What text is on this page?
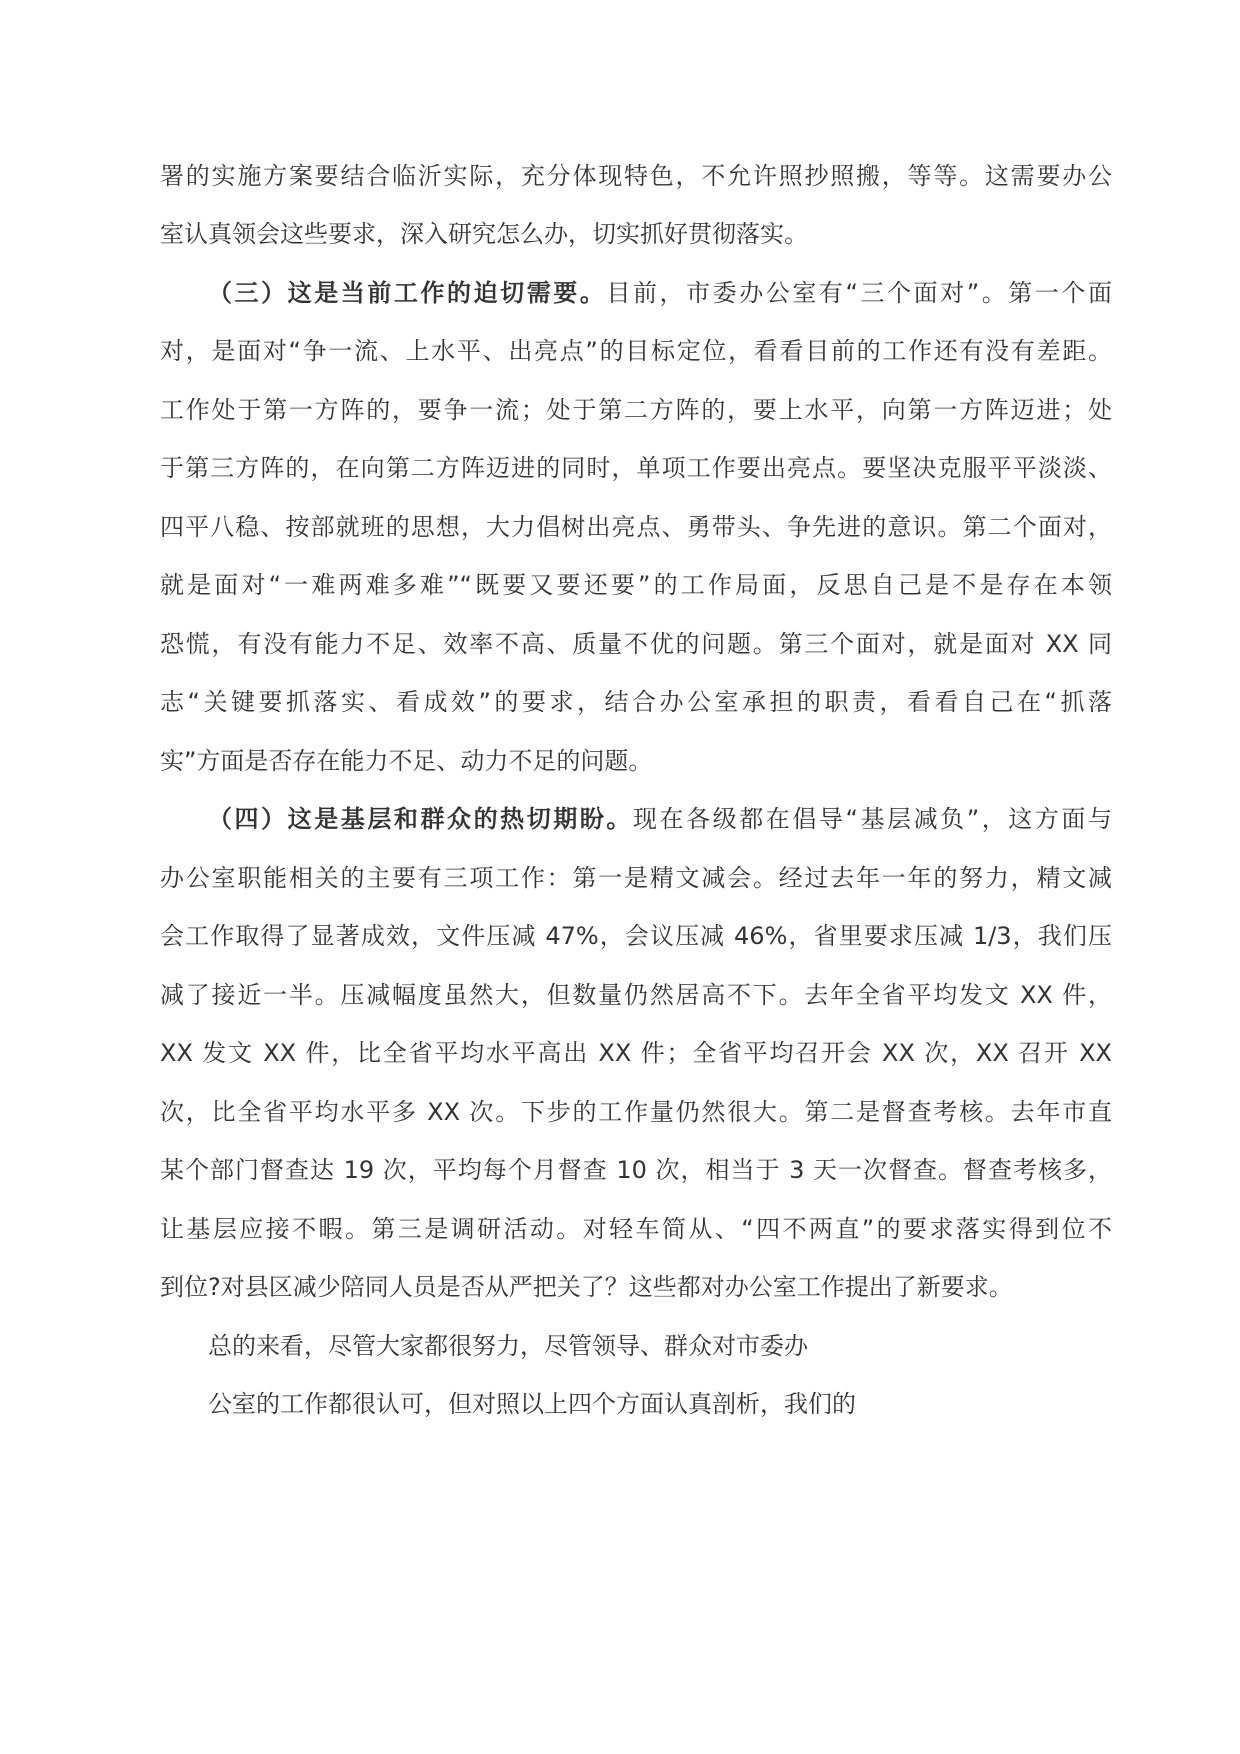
署的实施方案要结合临沂实际，充分体现特色，不允许照抄照搬，等等。这需要办公
室认真领会这些要求，深入研究怎么办，切实抓好贯彻落实。
（三）这是当前工作的迫切需要。目前，市委办公室有“三个面对”。第一个面
对，是面对“争一流、上水平、出亮点”的目标定位，看看目前的工作还有没有差距。
工作处于第一方阵的，要争一流；处于第二方阵的，要上水平，向第一方阵迈进；处
于第三方阵的，在向第二方阵迈进的同时，单项工作要出亮点。要坚决克服平平淡淡、
四平八稳、按部就班的思想，大力倡树出亮点、勇带头、争先进的意识。第二个面对，
就是面对“一难两难多难”“既要又要还要”的工作局面，反思自己是不是存在本领
恐慌，有没有能力不足、效率不高、质量不优的问题。第三个面对，就是面对 XX 同
志“关键要抓落实、看成效”的要求，结合办公室承担的职责，看看自己在“抓落
实”方面是否存在能力不足、动力不足的问题。
（四）这是基层和群众的热切期盼。现在各级都在倡导“基层减负”，这方面与
办公室职能相关的主要有三项工作：第一是精文减会。经过去年一年的努力，精文减
会工作取得了显著成效，文件压减 47%，会议压减 46%，省里要求压减 1/3，我们压
减了接近一半。压减幅度虽然大，但数量仍然居高不下。去年全省平均发文 XX 件，
XX 发文 XX 件，比全省平均水平高出 XX 件；全省平均召开会 XX 次，XX 召开 XX
次，比全省平均水平多 XX 次。下步的工作量仍然很大。第二是督查考核。去年市直
某个部门督查达 19 次，平均每个月督查 10 次，相当于 3 天一次督查。督查考核多，
让基层应接不暇。第三是调研活动。对轻车简从、“四不两直”的要求落实得到位不
到位?对县区减少陪同人员是否从严把关了？这些都对办公室工作提出了新要求。
总的来看，尽管大家都很努力，尽管领导、群众对市委办
公室的工作都很认可，但对照以上四个方面认真剖析，我们的
